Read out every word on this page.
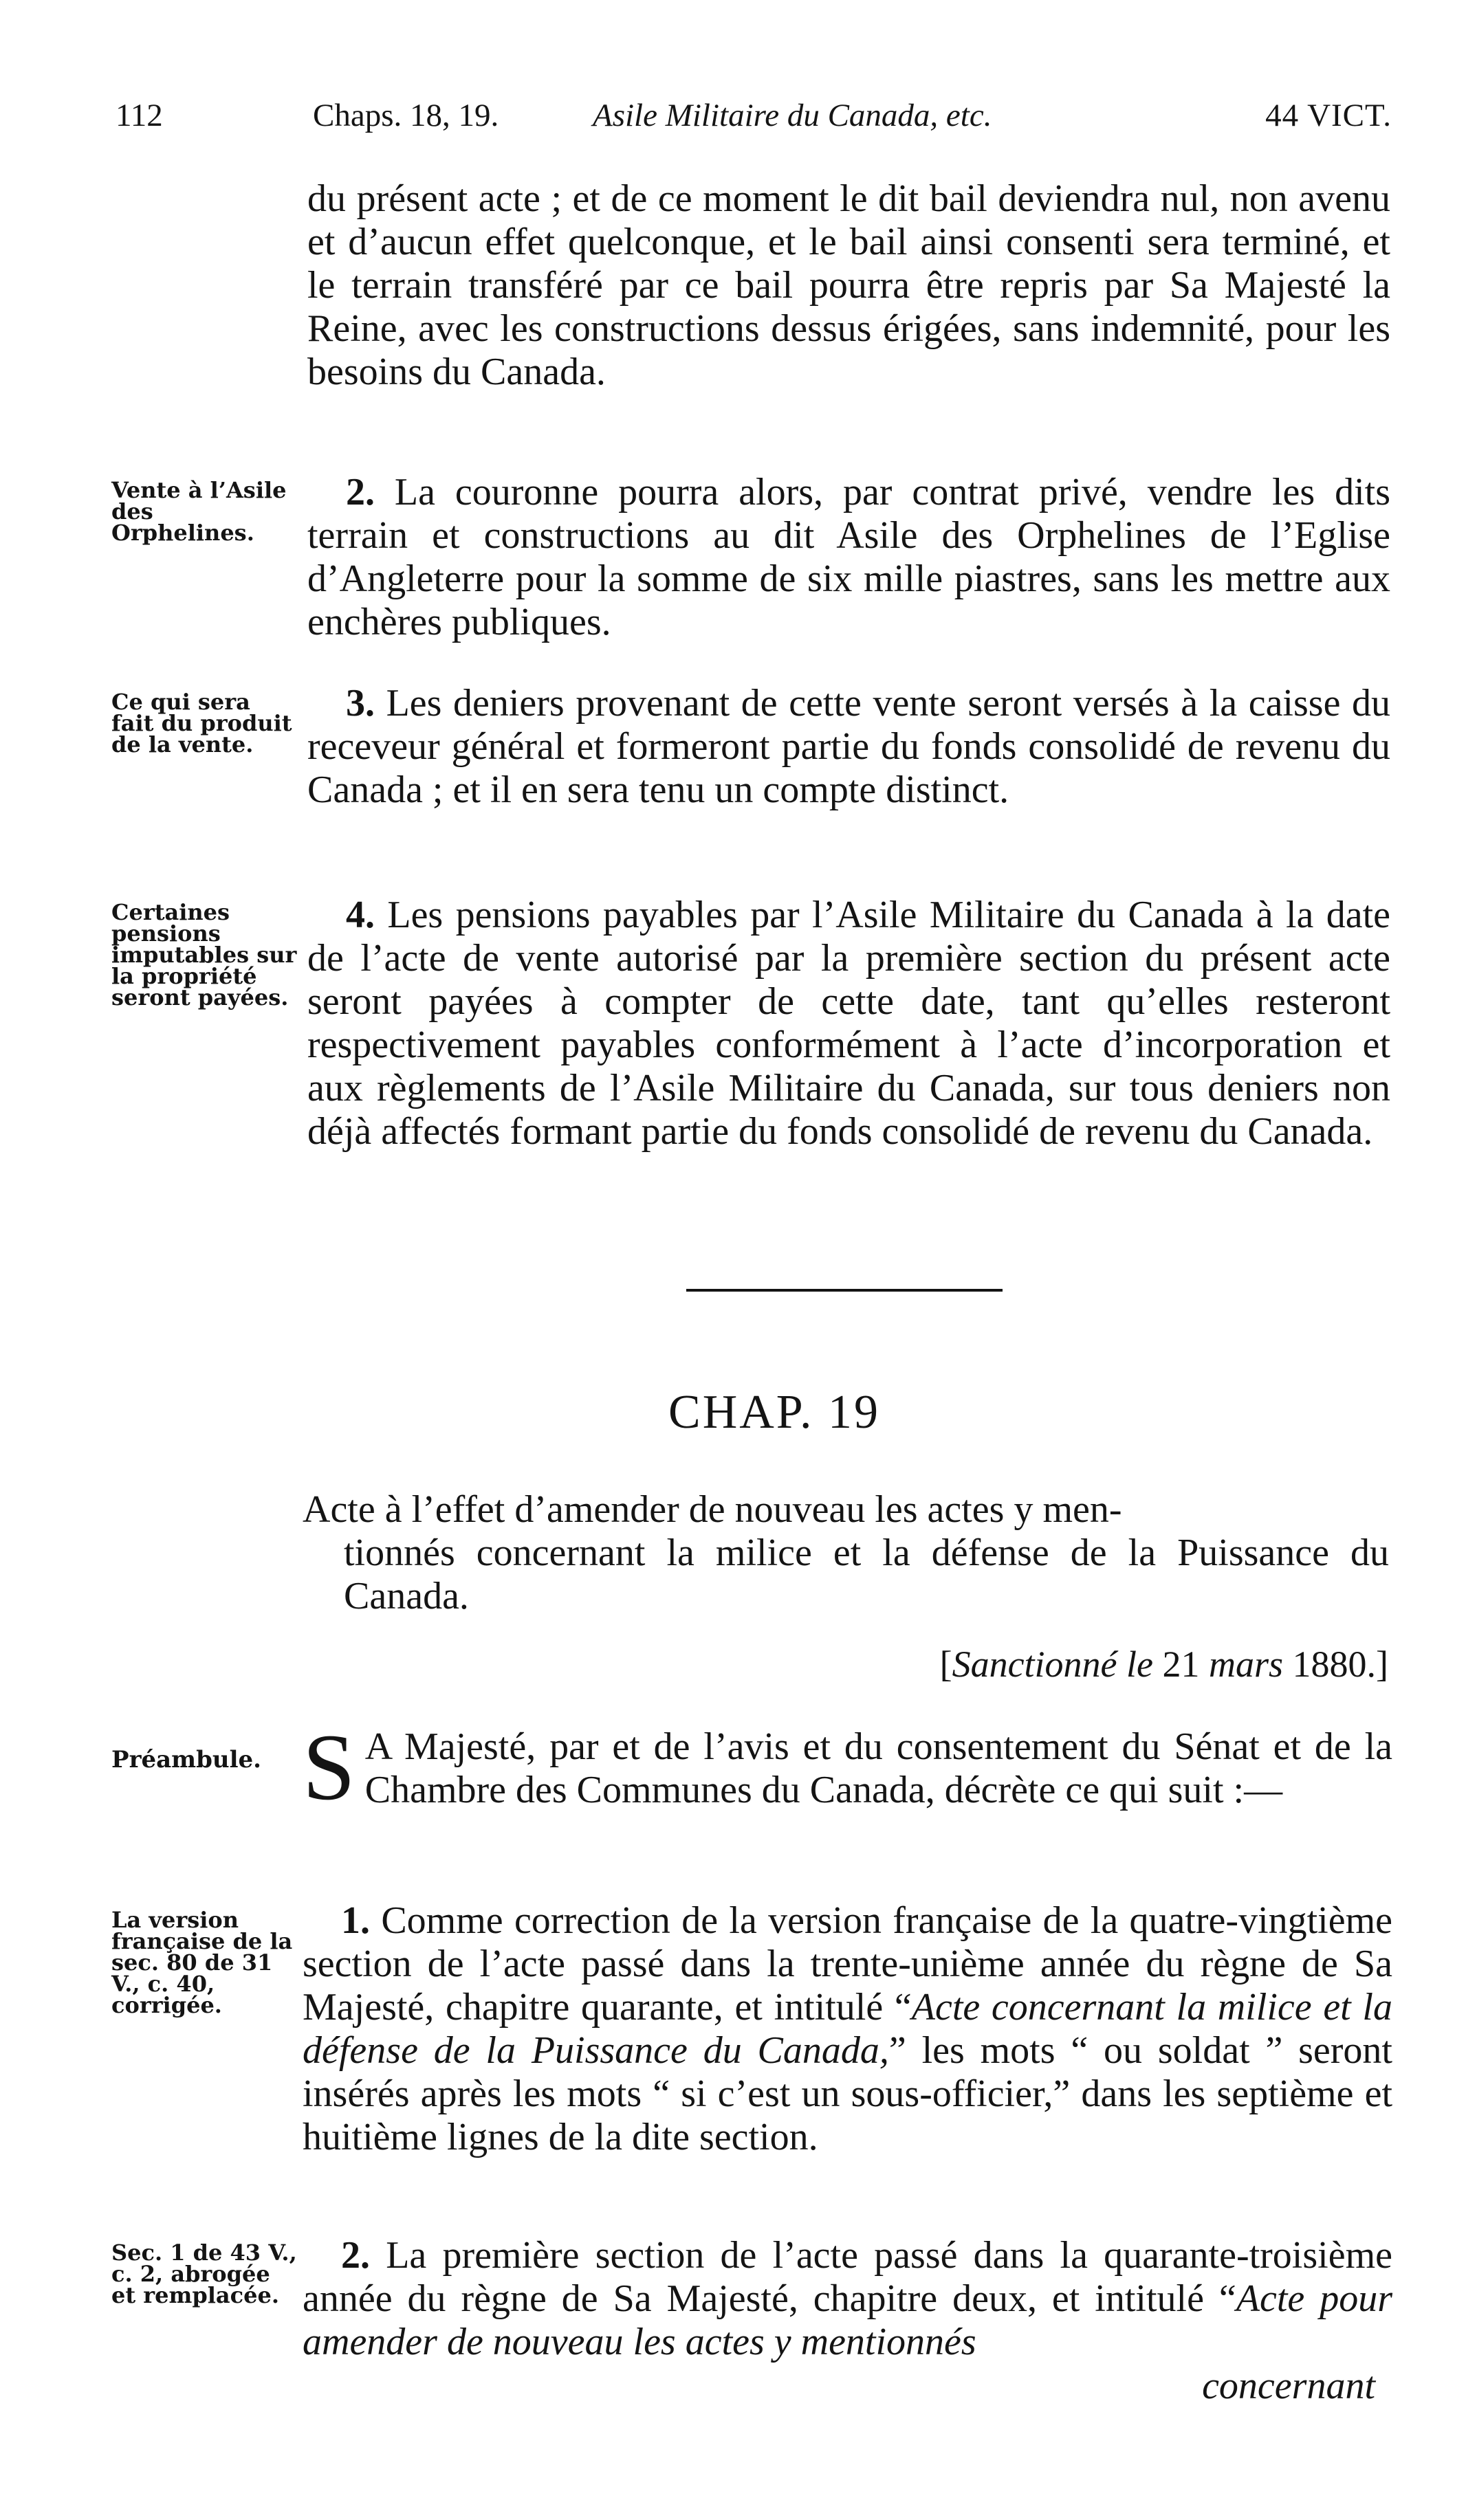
112	Chaps. 18, 19.	Asile Militaire du Canada, etc.	44 VICT.
du présent acte ; et de ce moment le dit bail deviendra nul, non avenu et d’aucun effet quelconque, et le bail ainsi consenti sera terminé, et le terrain transféré par ce bail pourra être repris par Sa Majesté la Reine, avec les constructions dessus érigées, sans indemnité, pour les besoins du Canada.
Vente à l’Asile des Orphelines.
2. La couronne pourra alors, par contrat privé, vendre les dits terrain et constructions au dit Asile des Orphelines de l’Eglise d’Angleterre pour la somme de six mille piastres, sans les mettre aux enchères publiques.
Ce qui sera fait du produit de la vente.
3. Les deniers provenant de cette vente seront versés à la caisse du receveur général et formeront partie du fonds consolidé de revenu du Canada ; et il en sera tenu un compte distinct.
Certaines pensions imputables sur la propriété seront payées.
4. Les pensions payables par l’Asile Militaire du Canada à la date de l’acte de vente autorisé par la première section du présent acte seront payées à compter de cette date, tant qu’elles resteront respectivement payables conformément à l’acte d’incorporation et aux règlements de l’Asile Militaire du Canada, sur tous deniers non déjà affectés formant partie du fonds consolidé de revenu du Canada.
CHAP. 19
Acte à l’effet d’amender de nouveau les actes y men-
tionnés concernant la milice et la défense de la Puissance du Canada.
[Sanctionné le 21 mars 1880.]
Préambule. S A Majesté, par et de l’avis et du consentement du Sénat et de la Chambre des Communes du Canada, décrète ce qui suit :—
La version française de la sec. 80 de 31 V., c. 40, corrigée.
1. Comme correction de la version française de la quatre-vingtième section de l’acte passé dans la trente-unième année du règne de Sa Majesté, chapitre quarante, et intitulé “Acte concernant la milice et la défense de la Puissance du Canada,” les mots “ ou soldat ” seront insérés après les mots “ si c’est un sous-officier,” dans les septième et huitième lignes de la dite section.
Sec. 1 de 43 V., c. 2, abrogée et remplacée.
2. La première section de l’acte passé dans la quarante-troisième année du règne de Sa Majesté, chapitre deux, et intitulé “Acte pour amender de nouveau les actes y mentionnés
concernant
